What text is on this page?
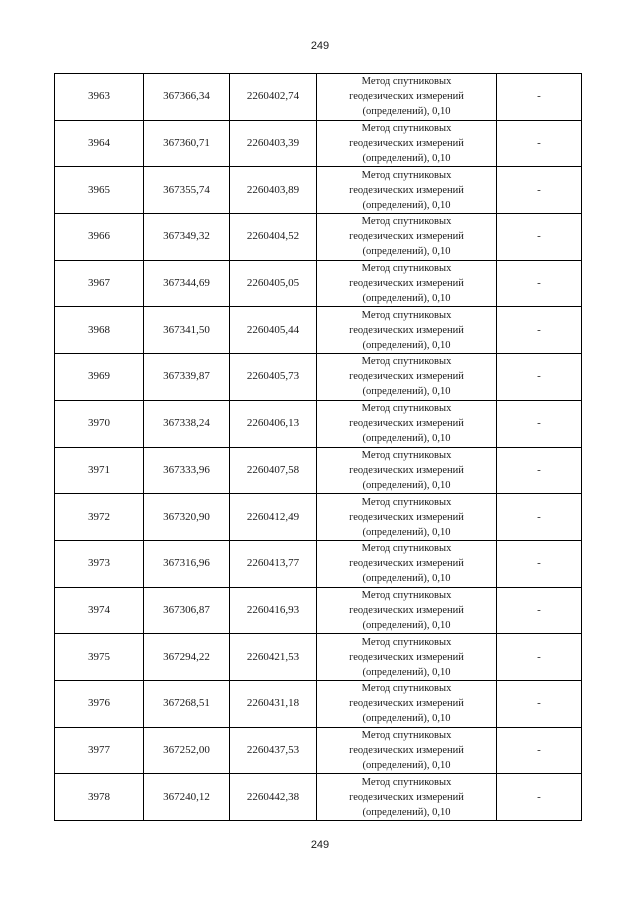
249
3963	367366,34	2260402,74	Метод спутниковых
геодезических измерений
(определений), 0,10	-
3964	367360,71	2260403,39	Метод спутниковых
геодезических измерений
(определений), 0,10	-
3965	367355,74	2260403,89	Метод спутниковых
геодезических измерений
(определений), 0,10	-
3966	367349,32	2260404,52	Метод спутниковых
геодезических измерений
(определений), 0,10	-
3967	367344,69	2260405,05	Метод спутниковых
геодезических измерений
(определений), 0,10	-
3968	367341,50	2260405,44	Метод спутниковых
геодезических измерений
(определений), 0,10	-
3969	367339,87	2260405,73	Метод спутниковых
геодезических измерений
(определений), 0,10	-
3970	367338,24	2260406,13	Метод спутниковых
геодезических измерений
(определений), 0,10	-
3971	367333,96	2260407,58	Метод спутниковых
геодезических измерений
(определений), 0,10	-
3972	367320,90	2260412,49	Метод спутниковых
геодезических измерений
(определений), 0,10	-
3973	367316,96	2260413,77	Метод спутниковых
геодезических измерений
(определений), 0,10	-
3974	367306,87	2260416,93	Метод спутниковых
геодезических измерений
(определений), 0,10	-
3975	367294,22	2260421,53	Метод спутниковых
геодезических измерений
(определений), 0,10	-
3976	367268,51	2260431,18	Метод спутниковых
геодезических измерений
(определений), 0,10	-
3977	367252,00	2260437,53	Метод спутниковых
геодезических измерений
(определений), 0,10	-
3978	367240,12	2260442,38	Метод спутниковых
геодезических измерений
(определений), 0,10	-
249
